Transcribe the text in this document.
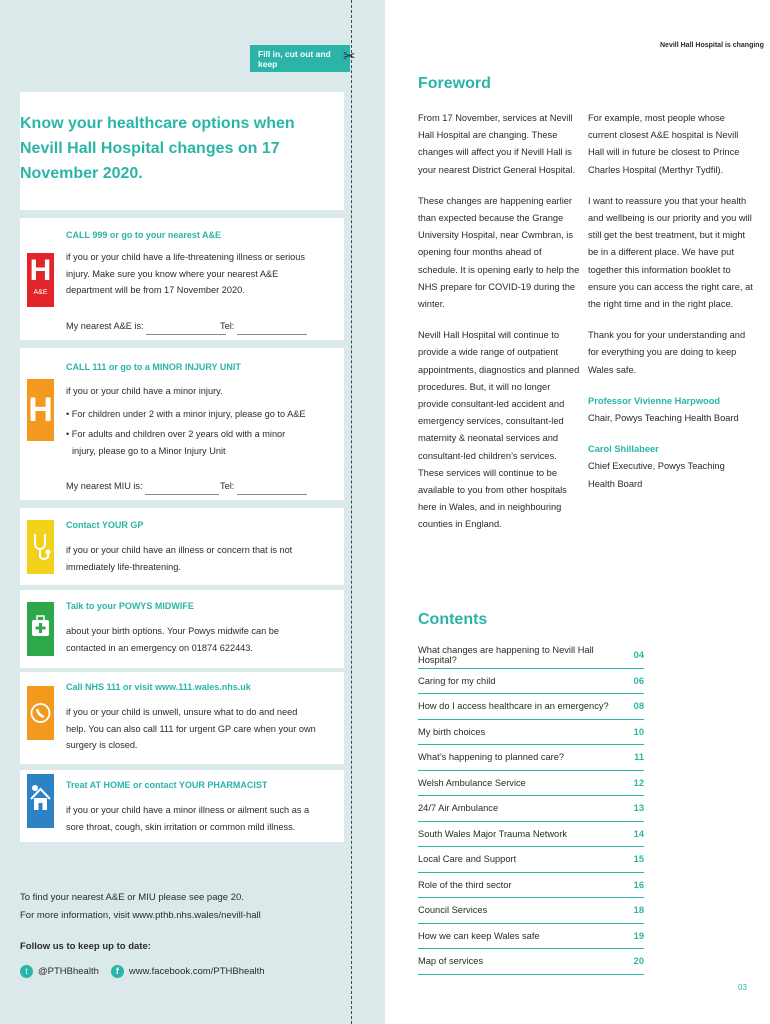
Fill in, cut out and keep	✂
Know your healthcare options when Nevill Hall Hospital changes on 17 November 2020.
H
A&E
CALL 999 or go to your nearest A&E
if you or your child have a life-threatening illness or serious injury. Make sure you know where your nearest A&E department will be from 17 November 2020.
My nearest A&E is:	Tel:
H
CALL 111 or go to a MINOR INJURY UNIT
if you or your child have a minor injury.
• For children under 2 with a minor injury, please go to A&E
• For adults and children over 2 years old with a minor injury, please go to a Minor Injury Unit
My nearest MIU is:	Tel:
Contact YOUR GP
if you or your child have an illness or concern that is not immediately life-threatening.
Talk to your POWYS MIDWIFE
about your birth options. Your Powys midwife can be contacted in an emergency on 01874 622443.
Call NHS 111 or visit www.111.wales.nhs.uk
if you or your child is unwell, unsure what to do and need help. You can also call 111 for urgent GP care when your own surgery is closed.
Treat AT HOME or contact YOUR PHARMACIST
if you or your child have a minor illness or ailment such as a sore throat, cough, skin irritation or common mild illness.
To find your nearest A&E or MIU please see page 20.
For more information, visit www.pthb.nhs.wales/nevill-hall
Follow us to keep up to date:
t	@PTHBhealth	f	www.facebook.com/PTHBhealth
Nevill Hall Hospital is changing
Foreword

From 17 November, services at Nevill Hall Hospital are changing. These changes will affect you if Nevill Hall is your nearest District General Hospital.

These changes are happening earlier than expected because the Grange University Hospital, near Cwmbran, is opening four months ahead of schedule. It is opening early to help the NHS prepare for COVID-19 during the winter.

Nevill Hall Hospital will continue to provide a wide range of outpatient appointments, diagnostics and planned procedures. But, it will no longer provide consultant-led accident and emergency services, consultant-led maternity & neonatal services and consultant-led children’s services. These services will continue to be available to you from other hospitals here in Wales, and in neighbouring counties in England.

For example, most people whose current closest A&E hospital is Nevill Hall will in future be closest to Prince Charles Hospital (Merthyr Tydfil).

I want to reassure you that your health and wellbeing is our priority and you will still get the best treatment, but it might be in a different place. We have put together this information booklet to ensure you can access the right care, at the right time and in the right place.

Thank you for your understanding and for everything you are doing to keep Wales safe.

Professor Vivienne Harpwood
Chair, Powys Teaching Health Board
Carol Shillabeer
Chief Executive, Powys Teaching Health Board
Contents
What changes are happening to Nevill Hall Hospital?	04
Caring for my child	06
How do I access healthcare in an emergency?	08
My birth choices	10
What’s happening to planned care?	11
Welsh Ambulance Service	12
24/7 Air Ambulance	13
South Wales Major Trauma Network	14
Local Care and Support	15
Role of the third sector	16
Council Services	18
How we can keep Wales safe	19
Map of services	20
03
